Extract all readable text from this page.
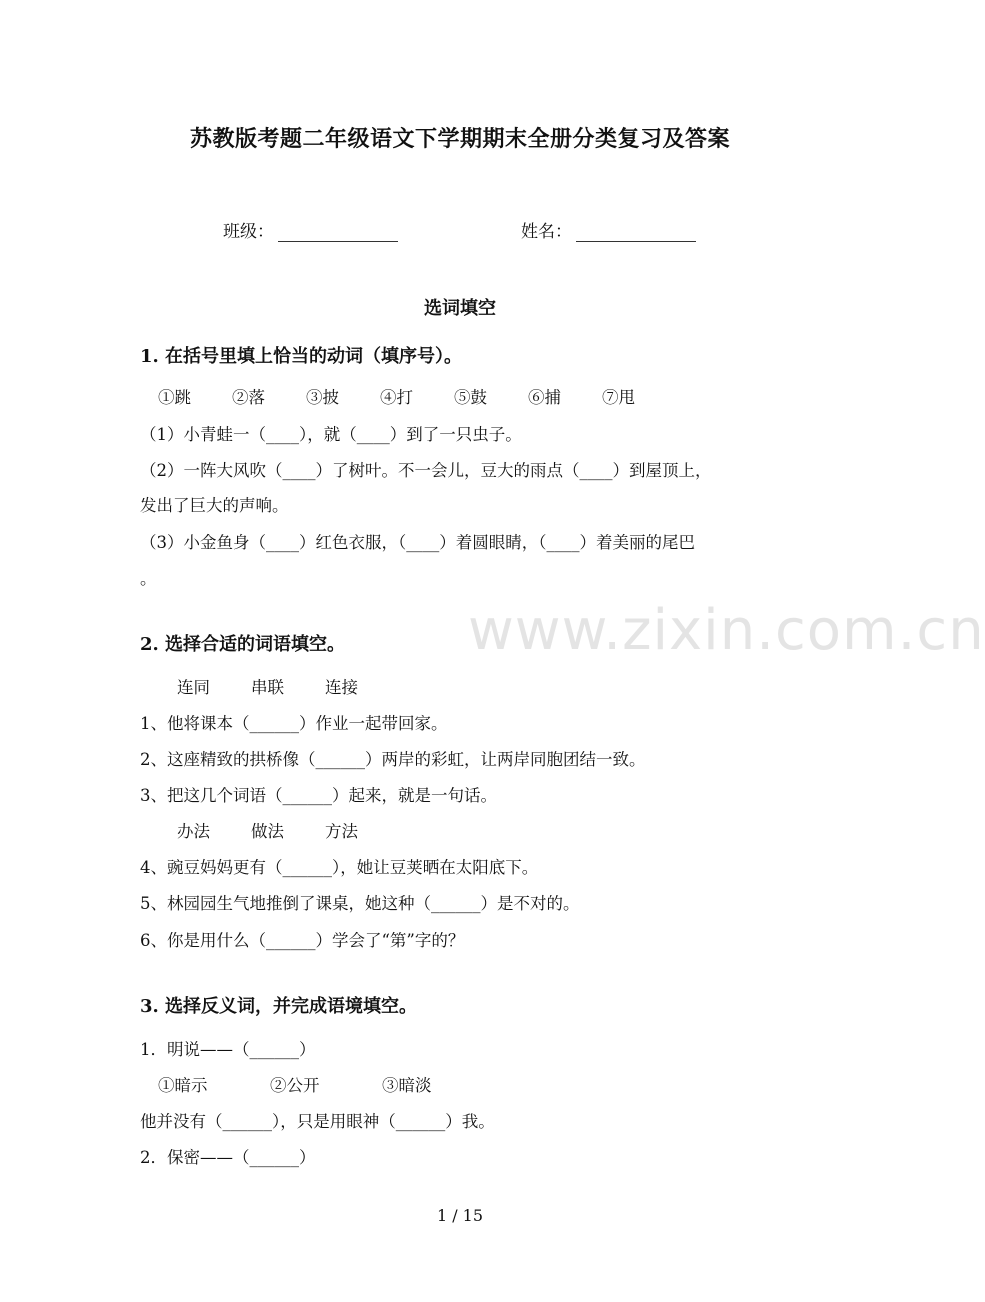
苏教版考题二年级语文下学期期末全册分类复习及答案
班级：	姓名：
选词填空
www.zixin.com.cn
1. 在括号里填上恰当的动词（填序号）。
①跳 ②落 ③披 ④打 ⑤鼓 ⑥捕 ⑦甩
（1）小青蛙一（____），就（____）到了一只虫子。
（2）一阵大风吹（____）了树叶。不一会儿，豆大的雨点（____）到屋顶上，
发出了巨大的声响。
（3）小金鱼身（____）红色衣服，（____）着圆眼睛，（____）着美丽的尾巴
。
2. 选择合适的词语填空。
连同 串联 连接
1、他将课本（______）作业一起带回家。
2、这座精致的拱桥像（______）两岸的彩虹，让两岸同胞团结一致。
3、把这几个词语（______）起来，就是一句话。
办法 做法 方法
4、豌豆妈妈更有（______），她让豆荚晒在太阳底下。
5、林园园生气地推倒了课桌，她这种（______）是不对的。
6、你是用什么（______）学会了“第”字的？
3. 选择反义词，并完成语境填空。
1．明说——（______）
①暗示	②公开	③暗淡
他并没有（______），只是用眼神（______）我。
2．保密——（______）
1 / 15
